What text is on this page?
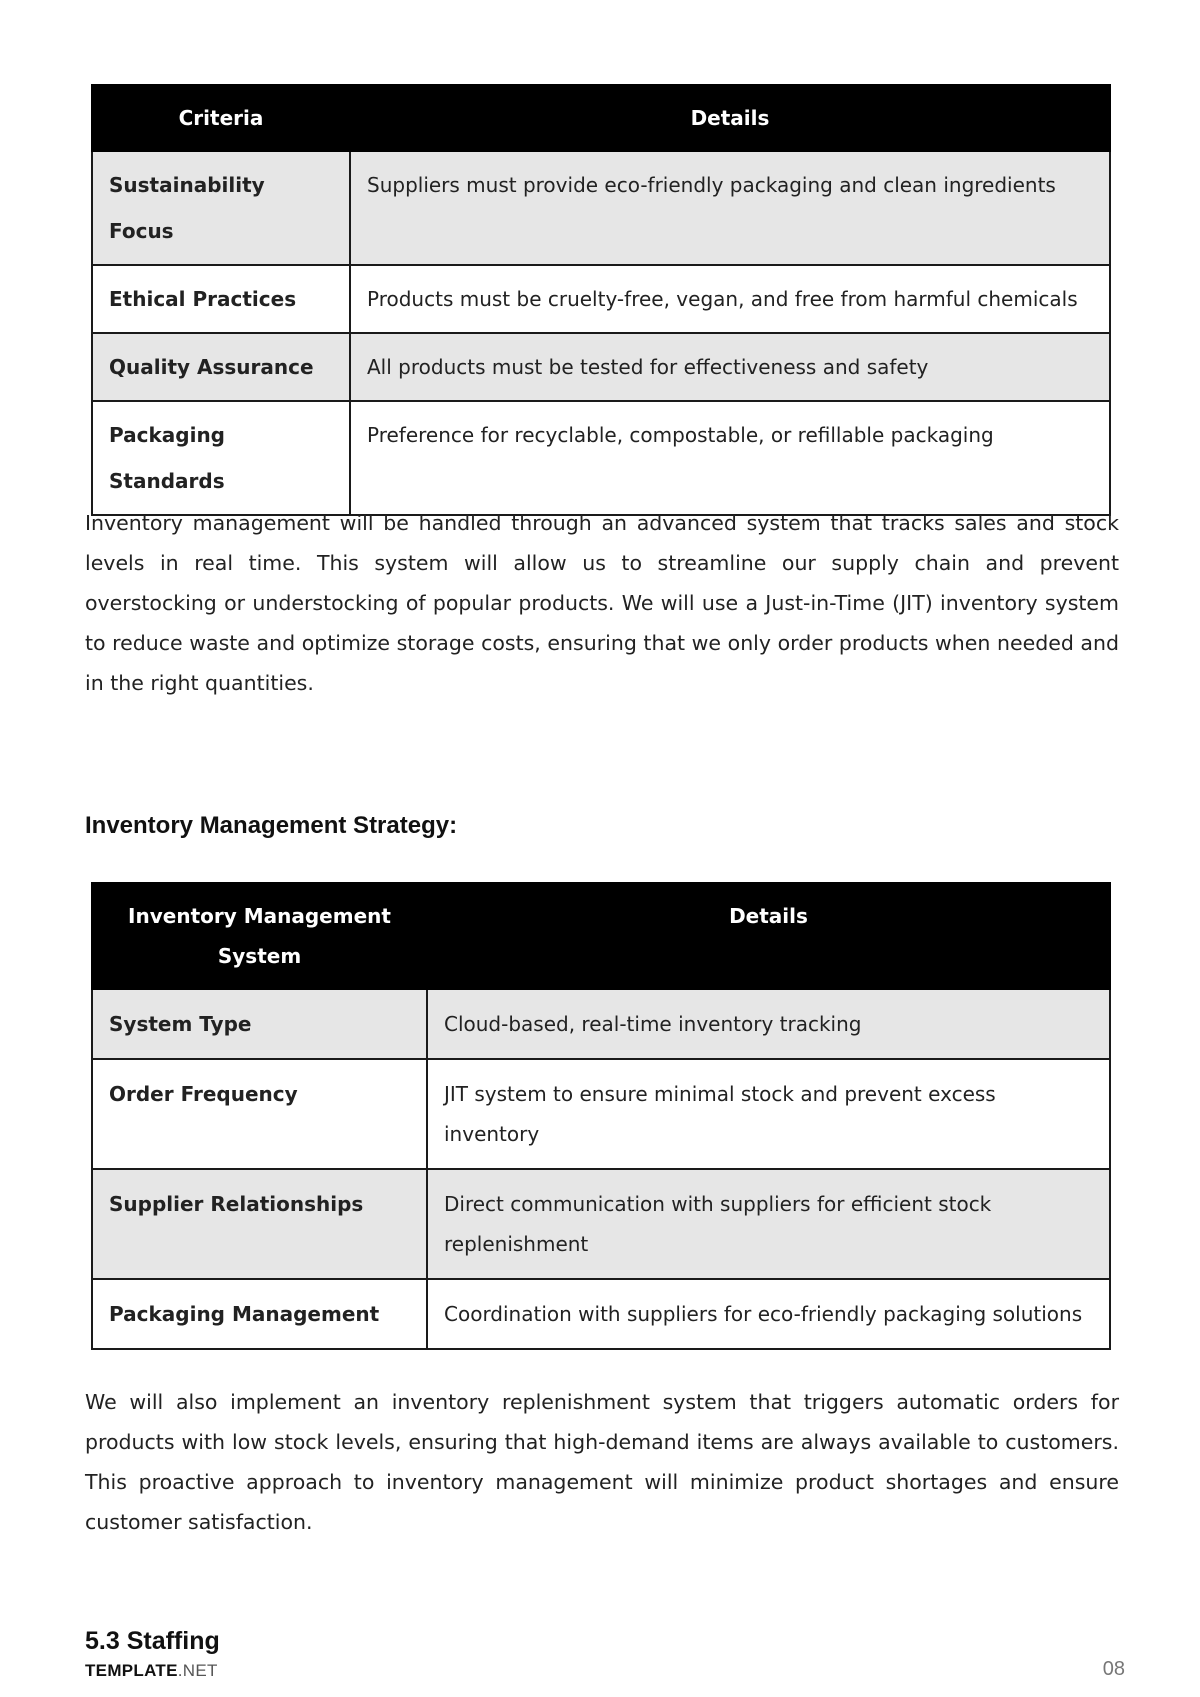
Criteria	Details
Sustainability Focus	Suppliers must provide eco-friendly packaging and clean ingredients
Ethical Practices	Products must be cruelty-free, vegan, and free from harmful chemicals
Quality Assurance	All products must be tested for effectiveness and safety
Packaging Standards	Preference for recyclable, compostable, or refillable packaging

Inventory management will be handled through an advanced system that tracks sales and stock levels in real time. This system will allow us to streamline our supply chain and prevent overstocking or understocking of popular products. We will use a Just-in-Time (JIT) inventory system to reduce waste and optimize storage costs, ensuring that we only order products when needed and in the right quantities.

Inventory Management Strategy:
Inventory Management System	Details
System Type	Cloud-based, real-time inventory tracking
Order Frequency	JIT system to ensure minimal stock and prevent excess inventory
Supplier Relationships	Direct communication with suppliers for efficient stock replenishment
Packaging Management	Coordination with suppliers for eco-friendly packaging solutions

We will also implement an inventory replenishment system that triggers automatic orders for products with low stock levels, ensuring that high-demand items are always available to customers. This proactive approach to inventory management will minimize product shortages and ensure customer satisfaction.

5.3 Staffing
TEMPLATE.NET	08
